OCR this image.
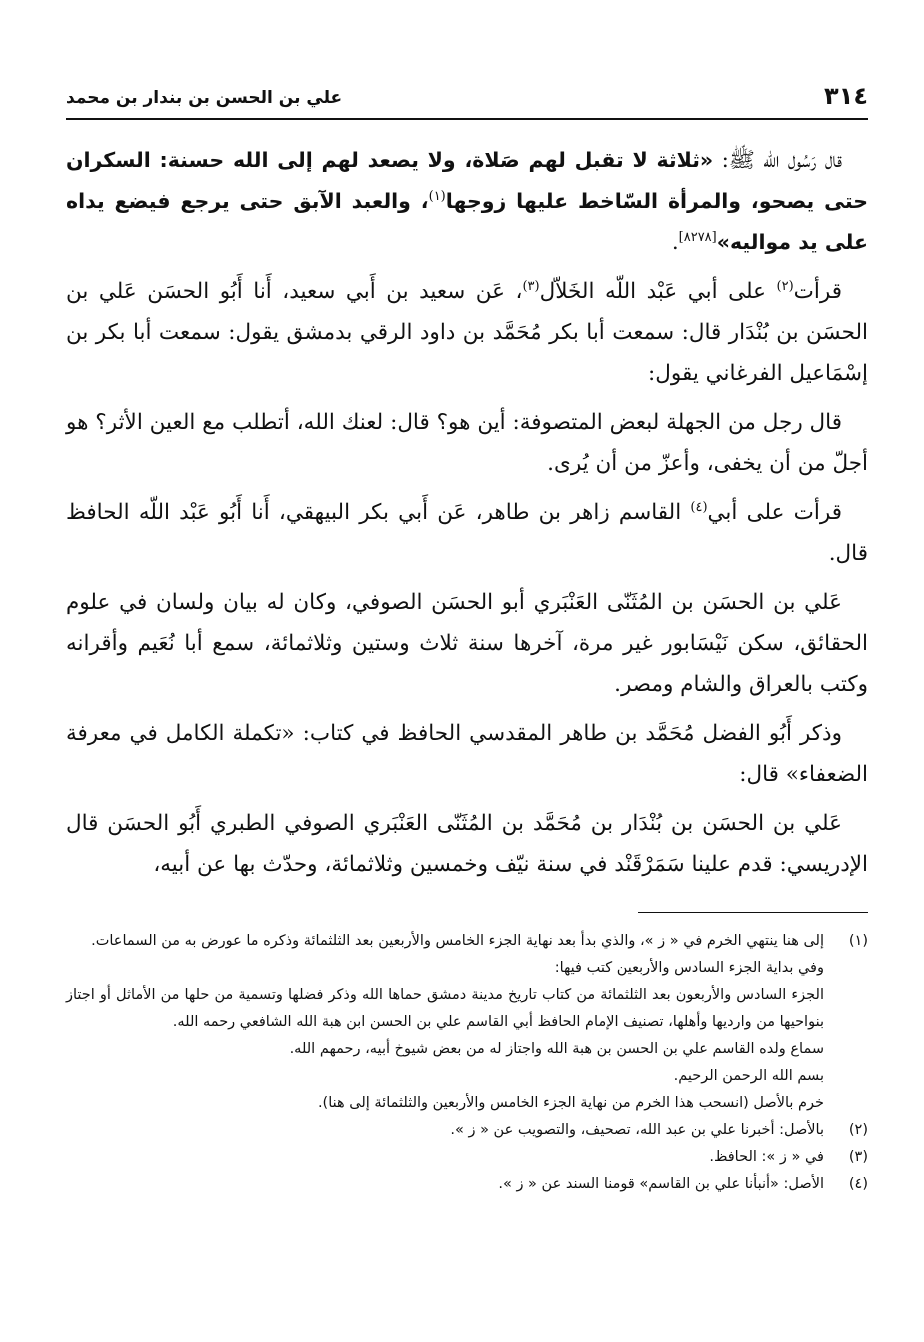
علي بن الحسن بن بندار بن محمد	٣١٤

قال رَسُول الله ﷺ: «ثلاثة لا تقبل لهم صَلاة، ولا يصعد لهم إلى الله حسنة: السكران حتى يصحو، والمرأة السّاخط عليها زوجها$^{(١)}$، والعبد الآبق حتى يرجع فيضع يداه على يد مواليه»[٨٢٧٨].

قرأت$^{(٢)}$ على أبي عَبْد اللّه الخَلاّل$^{(٣)}$، عَن سعيد بن أَبي سعيد، أَنا أَبُو الحسَن عَلي بن الحسَن بن بُنْدَار قال: سمعت أبا بكر مُحَمَّد بن داود الرقي بدمشق يقول: سمعت أبا بكر بن إسْمَاعيل الفرغاني يقول:

قال رجل من الجهلة لبعض المتصوفة: أين هو؟ قال: لعنك الله، أتطلب مع العين الأثر؟ هو أجلّ من أن يخفى، وأعزّ من أن يُرى.

قرأت على أبي$^{(٤)}$ القاسم زاهر بن طاهر، عَن أَبي بكر البيهقي، أَنا أَبُو عَبْد اللّه الحافظ قال.

عَلي بن الحسَن بن المُثَنّى العَنْبَري أبو الحسَن الصوفي، وكان له بيان ولسان في علوم الحقائق، سكن نَيْسَابور غير مرة، آخرها سنة ثلاث وستين وثلاثمائة، سمع أبا نُعَيم وأقرانه وكتب بالعراق والشام ومصر.

وذكر أَبُو الفضل مُحَمَّد بن طاهر المقدسي الحافظ في كتاب: «تكملة الكامل في معرفة الضعفاء» قال:

عَلي بن الحسَن بن بُنْدَار بن مُحَمَّد بن المُثَنّى العَنْبَري الصوفي الطبري أَبُو الحسَن قال الإدريسي: قدم علينا سَمَرْقَنْد في سنة نيّف وخمسين وثلاثمائة، وحدّث بها عن أبيه،

(١)

إلى هنا ينتهي الخرم في « ز »، والذي بدأ بعد نهاية الجزء الخامس والأربعين بعد الثلثمائة وذكره ما عورض به من السماعات.

وفي بداية الجزء السادس والأربعين كتب فيها:

الجزء السادس والأربعون بعد الثلثمائة من كتاب تاريخ مدينة دمشق حماها الله وذكر فضلها وتسمية من حلها من الأماثل أو اجتاز بنواحيها من وارديها وأهلها، تصنيف الإمام الحافظ أبي القاسم علي بن الحسن ابن هبة الله الشافعي رحمه الله.

سماع ولده القاسم علي بن الحسن بن هبة الله واجتاز له من بعض شيوخ أبيه، رحمهم الله.

بسم الله الرحمن الرحيم.

خرم بالأصل (انسحب هذا الخرم من نهاية الجزء الخامس والأربعين والثلثمائة إلى هنا).

(٢)

بالأصل: أخبرنا علي بن عبد الله، تصحيف، والتصويب عن « ز ».

(٣)

في « ز »: الحافظ.

(٤)

الأصل: «أنبأنا علي بن القاسم» قومنا السند عن « ز ».
